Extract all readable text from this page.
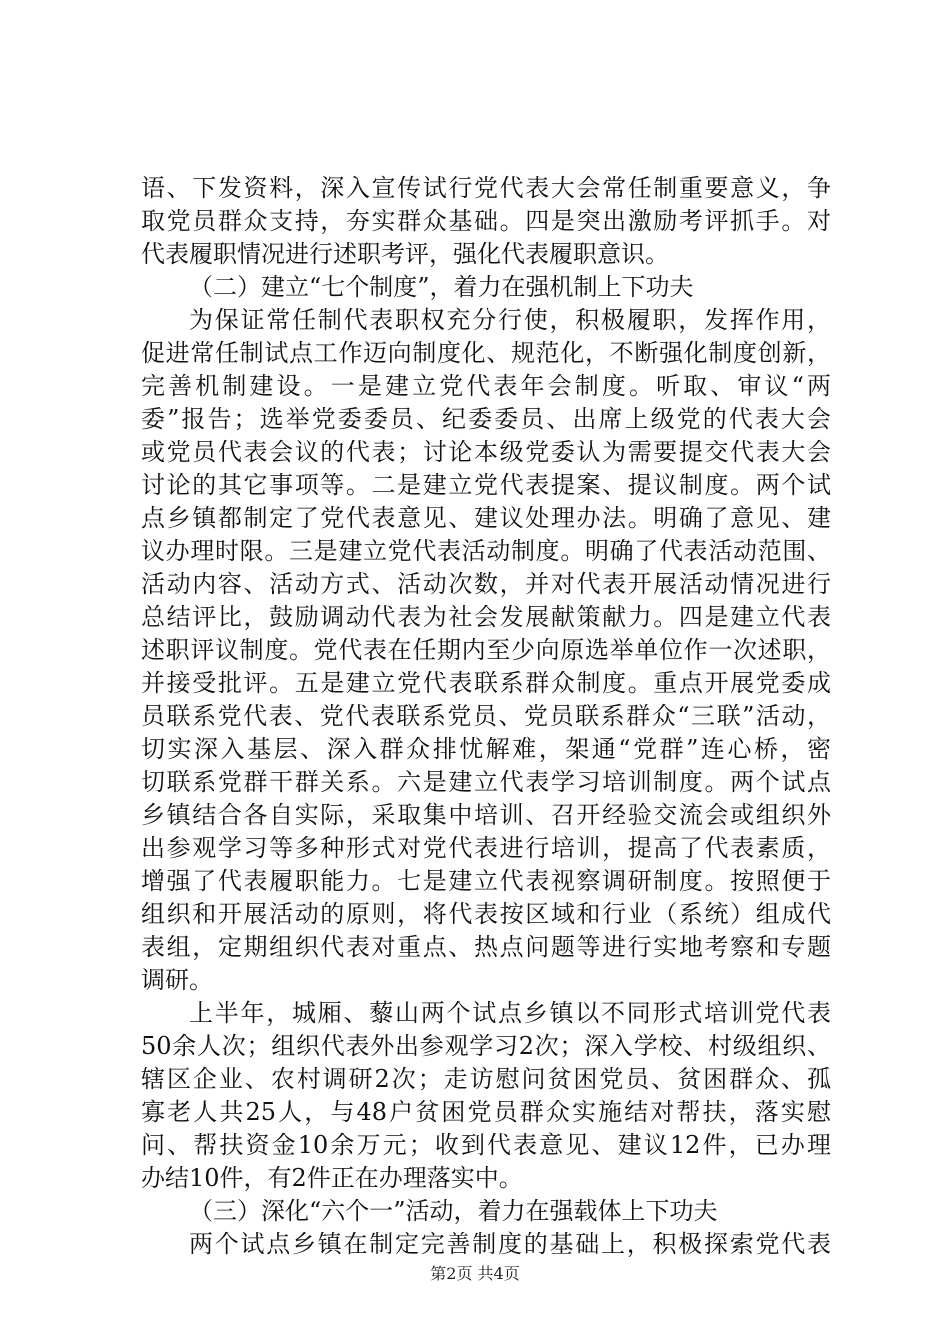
语、下发资料，深入宣传试行党代表大会常任制重要意义，争
取党员群众支持，夯实群众基础。四是突出激励考评抓手。对
代表履职情况进行述职考评，强化代表履职意识。
（二）建立“七个制度”，着力在强机制上下功夫
为保证常任制代表职权充分行使，积极履职，发挥作用，
促进常任制试点工作迈向制度化、规范化，不断强化制度创新，
完善机制建设。一是建立党代表年会制度。听取、审议“两
委”报告；选举党委委员、纪委委员、出席上级党的代表大会
或党员代表会议的代表；讨论本级党委认为需要提交代表大会
讨论的其它事项等。二是建立党代表提案、提议制度。两个试
点乡镇都制定了党代表意见、建议处理办法。明确了意见、建
议办理时限。三是建立党代表活动制度。明确了代表活动范围、
活动内容、活动方式、活动次数，并对代表开展活动情况进行
总结评比，鼓励调动代表为社会发展献策献力。四是建立代表
述职评议制度。党代表在任期内至少向原选举单位作一次述职，
并接受批评。五是建立党代表联系群众制度。重点开展党委成
员联系党代表、党代表联系党员、党员联系群众“三联”活动，
切实深入基层、深入群众排忧解难，架通“党群”连心桥，密
切联系党群干群关系。六是建立代表学习培训制度。两个试点
乡镇结合各自实际，采取集中培训、召开经验交流会或组织外
出参观学习等多种形式对党代表进行培训，提高了代表素质，
增强了代表履职能力。七是建立代表视察调研制度。按照便于
组织和开展活动的原则，将代表按区域和行业（系统）组成代
表组，定期组织代表对重点、热点问题等进行实地考察和专题
调研。
上半年，城厢、藜山两个试点乡镇以不同形式培训党代表
50余人次；组织代表外出参观学习2次；深入学校、村级组织、
辖区企业、农村调研2次；走访慰问贫困党员、贫困群众、孤
寡老人共25人，与48户贫困党员群众实施结对帮扶，落实慰
问、帮扶资金10余万元；收到代表意见、建议12件，已办理
办结10件，有2件正在办理落实中。
（三）深化“六个一”活动，着力在强载体上下功夫
两个试点乡镇在制定完善制度的基础上，积极探索党代表
第2页 共4页
